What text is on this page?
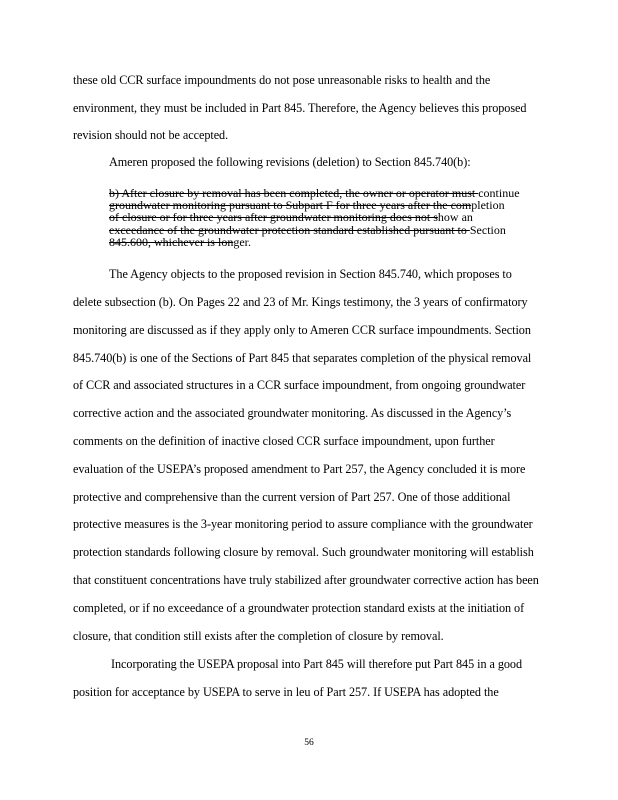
these old CCR surface impoundments do not pose unreasonable risks to health and the
environment, they must be included in Part 845. Therefore, the Agency believes this proposed
revision should not be accepted.
Ameren proposed the following revisions (deletion) to Section 845.740(b):
b) After closure by removal has been completed, the owner or operator must continue
groundwater monitoring pursuant to Subpart F for three years after the completion
of closure or for three years after groundwater monitoring does not show an
exceedance of the groundwater protection standard established pursuant to Section
845.600, whichever is longer.
The Agency objects to the proposed revision in Section 845.740, which proposes to
delete subsection (b). On Pages 22 and 23 of Mr. Kings testimony, the 3 years of confirmatory
monitoring are discussed as if they apply only to Ameren CCR surface impoundments. Section
845.740(b) is one of the Sections of Part 845 that separates completion of the physical removal
of CCR and associated structures in a CCR surface impoundment, from ongoing groundwater
corrective action and the associated groundwater monitoring. As discussed in the Agency’s
comments on the definition of inactive closed CCR surface impoundment, upon further
evaluation of the USEPA’s proposed amendment to Part 257, the Agency concluded it is more
protective and comprehensive than the current version of Part 257. One of those additional
protective measures is the 3-year monitoring period to assure compliance with the groundwater
protection standards following closure by removal. Such groundwater monitoring will establish
that constituent concentrations have truly stabilized after groundwater corrective action has been
completed, or if no exceedance of a groundwater protection standard exists at the initiation of
closure, that condition still exists after the completion of closure by removal.
Incorporating the USEPA proposal into Part 845 will therefore put Part 845 in a good
position for acceptance by USEPA to serve in leu of Part 257. If USEPA has adopted the
56
